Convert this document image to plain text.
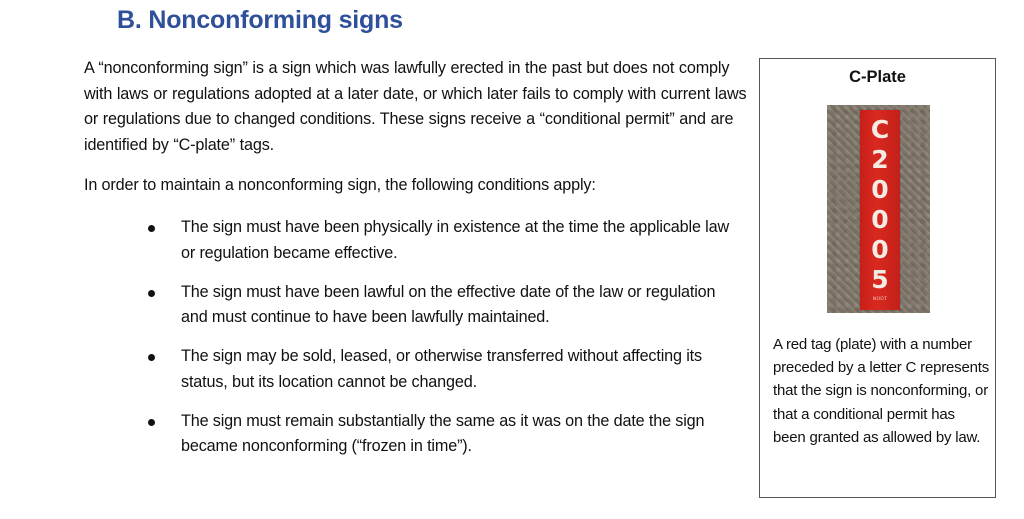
B. Nonconforming signs

A “nonconforming sign” is a sign which was lawfully erected in the past but does not comply with laws or regulations adopted at a later date, or which later fails to comply with current laws or regulations due to changed conditions. These signs receive a “conditional permit” and are identified by “C-plate” tags.

In order to maintain a nonconforming sign, the following conditions apply:

The sign must have been physically in existence at the time the applicable law or regulation became effective.
The sign must have been lawful on the effective date of the law or regulation and must continue to have been lawfully maintained.
The sign may be sold, leased, or otherwise transferred without affecting its status, but its location cannot be changed.
The sign must remain substantially the same as it was on the date the sign became nonconforming (“frozen in time”).
C-Plate
C
2
0
0
0
5
NOOT

A red tag (plate) with a number preceded by a letter C represents that the sign is nonconforming, or that a conditional permit has been granted as allowed by law.
